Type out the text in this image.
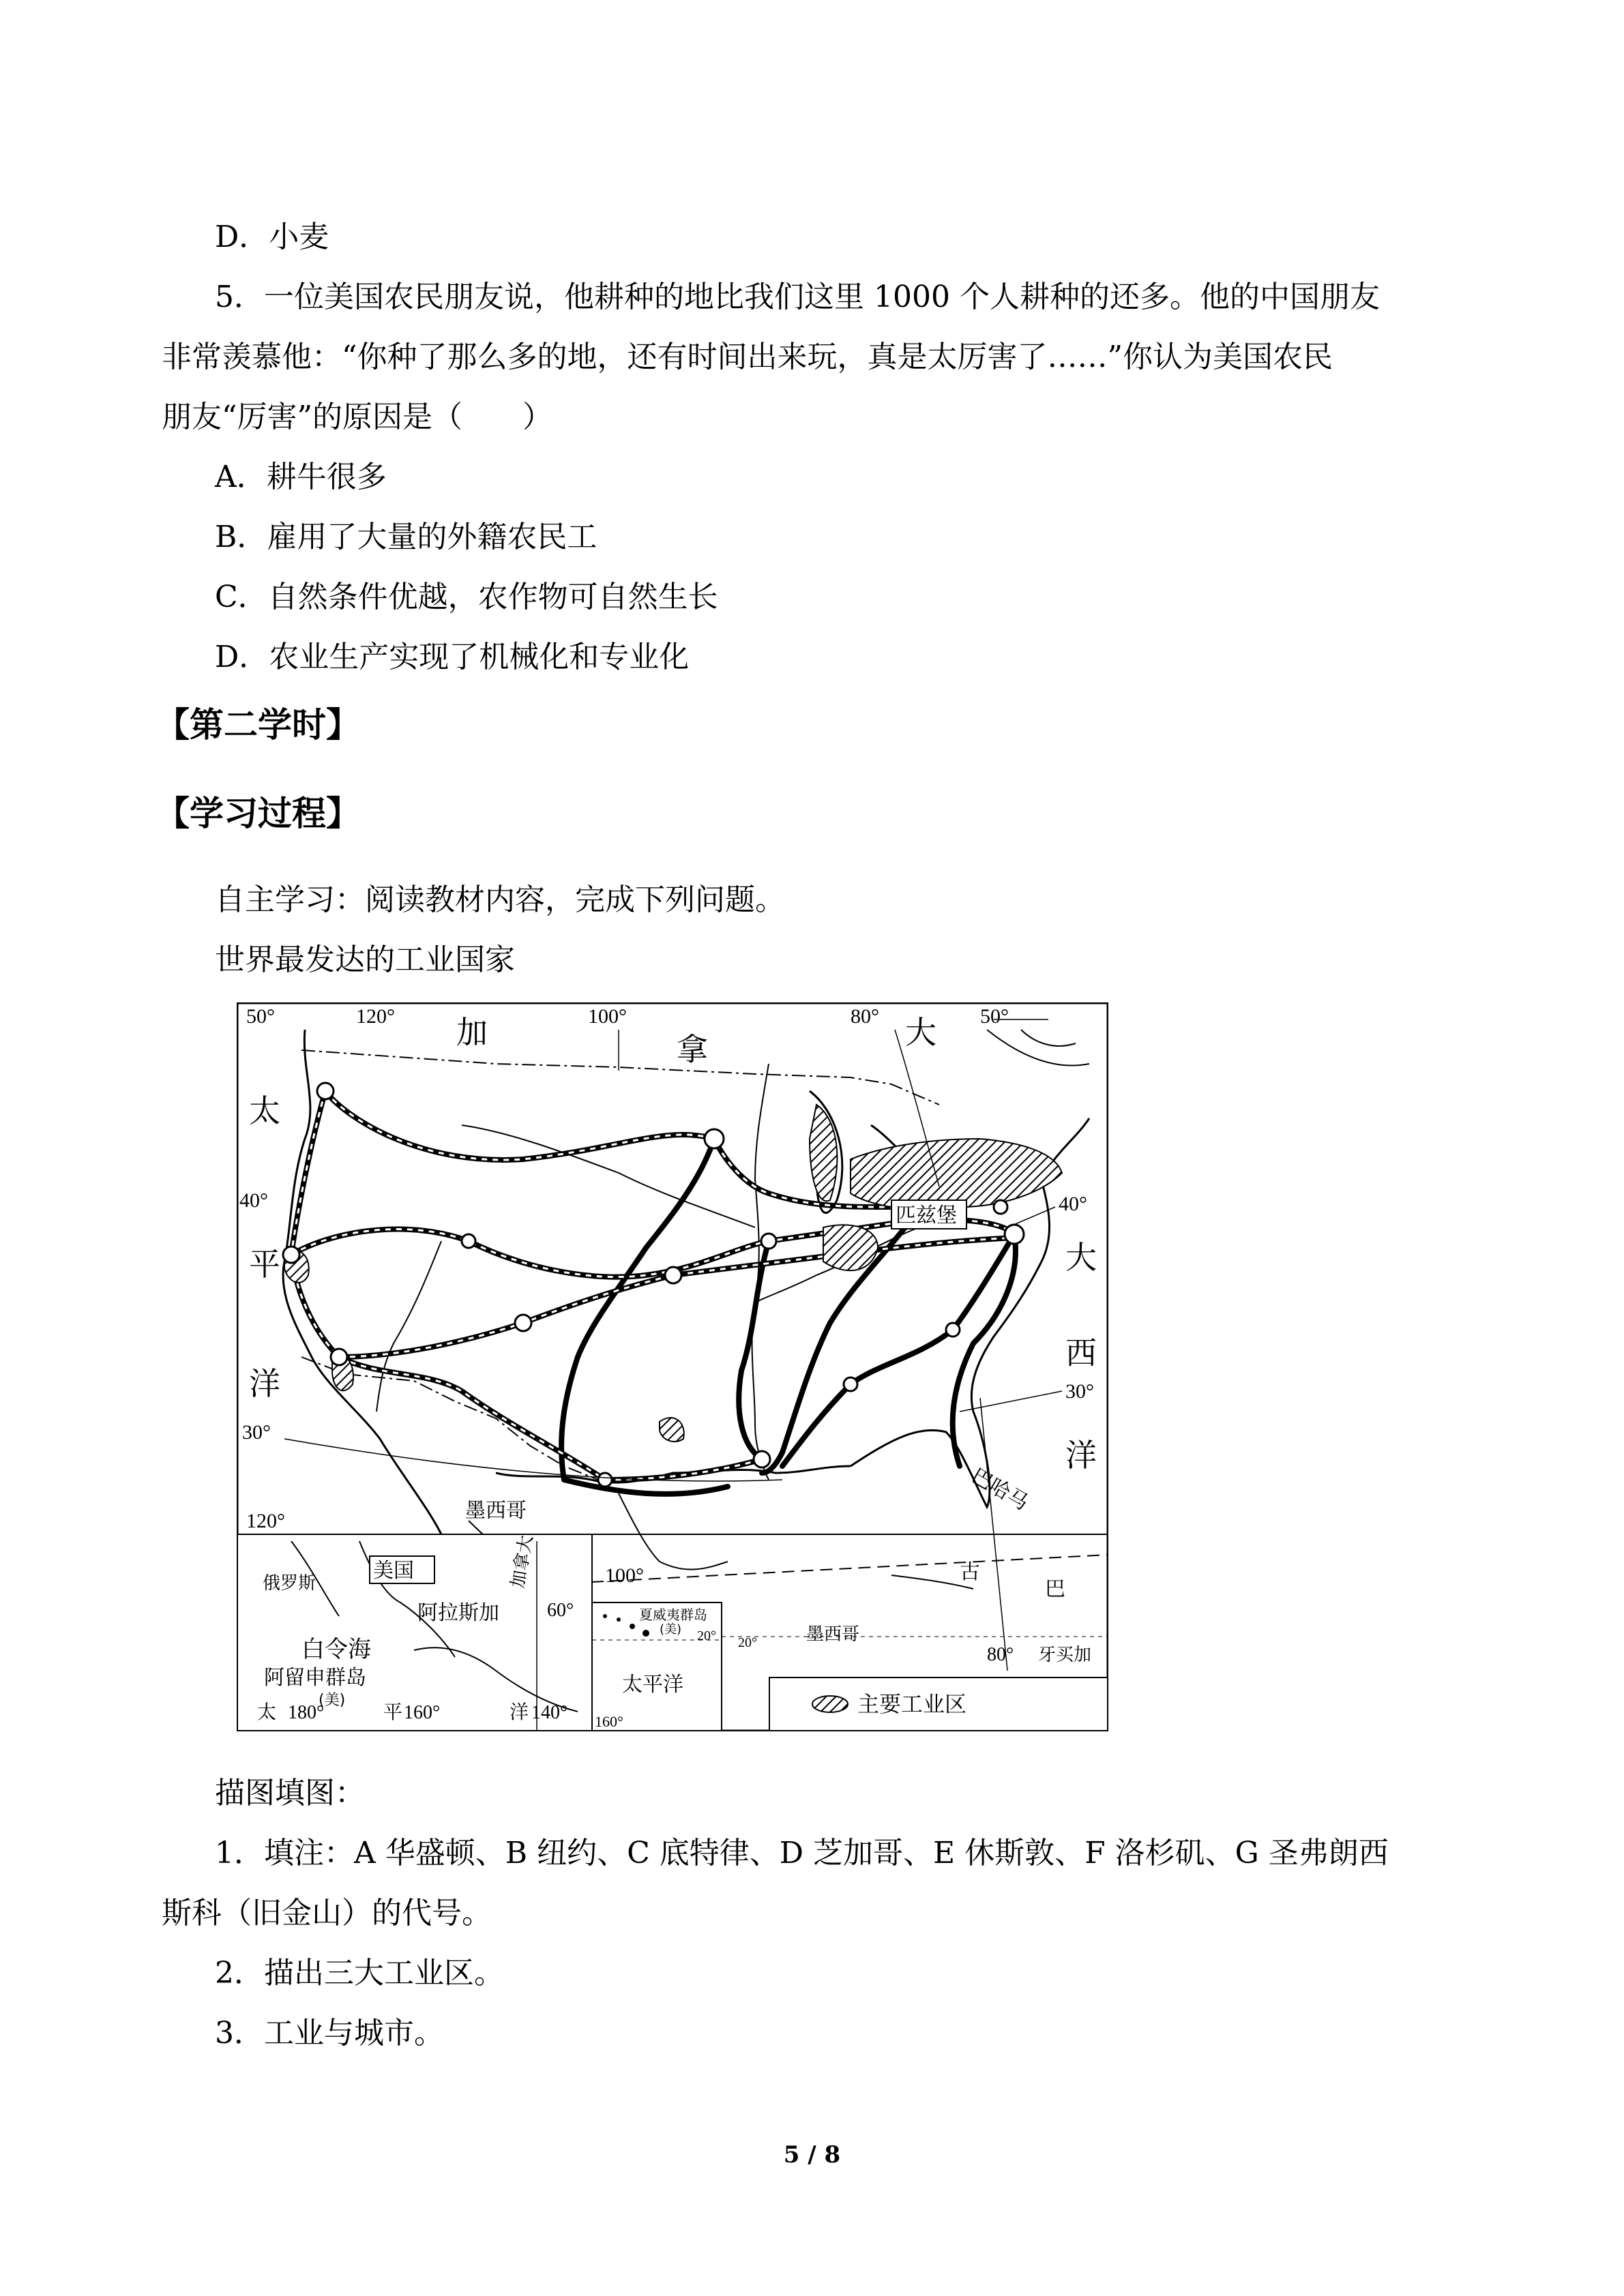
D．小麦
5．一位美国农民朋友说，他耕种的地比我们这里 1000 个人耕种的还多。他的中国朋友
非常羡慕他：“你种了那么多的地，还有时间出来玩，真是太厉害了……”你认为美国农民
朋友“厉害”的原因是（　　）
A．耕牛很多
B．雇用了大量的外籍农民工
C．自然条件优越，农作物可自然生长
D．农业生产实现了机械化和专业化
【第二学时】
【学习过程】
自主学习：阅读教材内容，完成下列问题。
世界最发达的工业国家
匹兹堡
50°	120°	100°	80°	50°
40°	40°
30°
30°
120°
加	拿	大
太
平
洋
大
西
洋
墨西哥	巴哈马
古
巴
100°
美国	加拿大
俄罗斯
阿拉斯加
白令海
阿留申群岛
(美)
太 180°	平 160°	洋 140°
60°	夏威夷群岛
(美) 20°
太平洋
160°
20°	墨西哥
80° 牙买加
主要工业区
描图填图：
1．填注：A 华盛顿、B 纽约、C 底特律、D 芝加哥、E 休斯敦、F 洛杉矶、G 圣弗朗西
斯科（旧金山）的代号。
2．描出三大工业区。
3．工业与城市。
5 / 8
